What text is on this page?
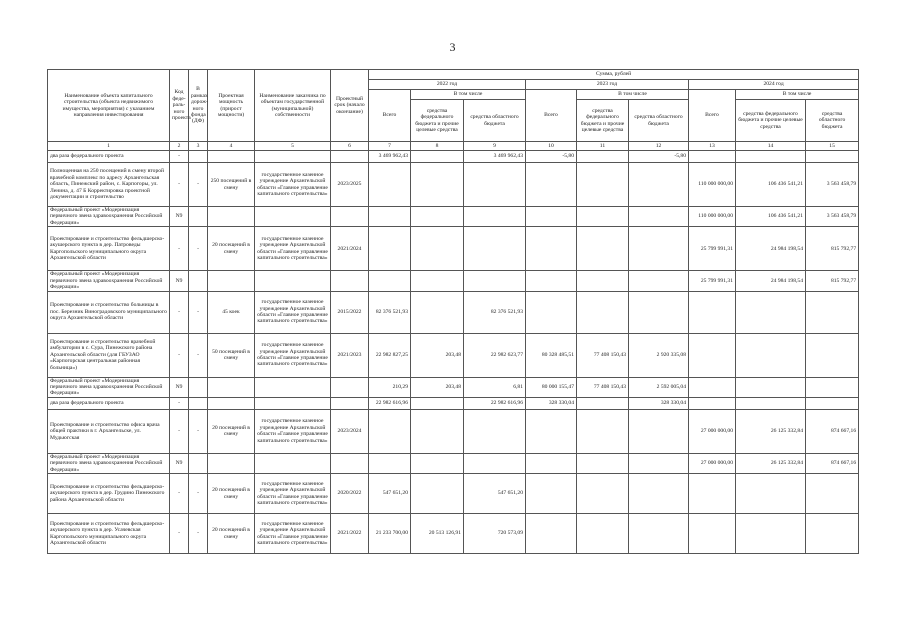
3
Наименование объекта капитального строительства (объекта недвижимого имущества, мероприятия) с указанием направления инвестирования	Код феде-раль-ного проекта	В рамках дорож-ного фонда (ДФ)	Проектная мощность (прирост мощности)	Наименование заказчика по объектам государственной (муниципальной) собственности	Проектный срок (начало окончание)	Сумма, рублей								
						2022 год			2023 год			2024 год		
						Всего	В том числе		Всего	В том числе		Всего	В том числе	
							средства федерального бюджета и прочие целевые средства	средства областного бюджета		средства федерального бюджета и прочие целевые средства	средства областного бюджета		средства федерального бюджета и прочие целевые средства	средства областного бюджета
1	2	3	4	5	6	7	8	9	10	11	12	13	14	15
два раза федерального проекта	-					3 469 962,43		3 469 962,43	-5,80		-5,80			
Полноценная на 250 посещений в смену второй врачебной комплекс по адресу Архангельская область, Пинежский район, с. Карпогоры, ул. Ленина, д. 47 Б Корректировка проектной документации и строительство	-	-	250 посещений в смену	государственное казенное учреждение Архангельской области «Главное управление капитального строительства»	2023/2025							110 000 000,00	106 436 541,21	3 563 458,79
Федеральный проект «Модернизация первичного звена здравоохранения Российской Федерации»	N9											110 000 000,00	106 436 541,21	3 563 458,79
Проектирование и строительство фельдшерско-акушерского пункта в дер. Патроведы Каргопольского муниципального округа Архангельской области	-	-	20 посещений в смену	государственное казенное учреждение Архангельской области «Главное управление капитального строительства»	2021/2024							25 799 991,31	24 984 198,54	815 792,77
Федеральный проект «Модернизация первичного звена здравоохранения Российской Федерации»	N9											25 799 991,31	24 984 198,54	815 792,77
Проектирование и строительство больницы в пос. Березник Виноградовского муниципального округа Архангельской области	-	-	45 коек	государственное казенное учреждение Архангельской области «Главное управление капитального строительства»	2015/2022	82 376 521,93		82 376 521,93						
Проектирование и строительство врачебной амбулатории в с. Сура, Пинежского района Архангельской области (для ГБУЗАО «Карпогорская центральная районная больница»)	-	-	50 посещений в смену	государственное казенное учреждение Архангельской области «Главное управление капитального строительства»	2021/2023	22 982 827,25	203,48	22 982 623,77	80 328 485,51	77 408 150,43	2 920 335,08			
Федеральный проект «Модернизация первичного звена здравоохранения Российской Федерации»	N9					210,29	203,48	6,81	80 000 155,47	77 408 150,43	2 592 005,04			
два раза федерального проекта	-					22 982 616,96		22 982 616,96	328 330,04		328 330,04			
Проектирование и строительство офиса врача общей практики в г. Архангельске, ул. Мудьюгская	-	-	20 посещений в смену	государственное казенное учреждение Архангельской области «Главное управление капитального строительства»	2023/2024							27 000 000,00	26 125 332,84	874 667,16
Федеральный проект «Модернизация первичного звена здравоохранения Российской Федерации»	N9											27 000 000,00	26 125 332,84	874 667,16
Проектирование и строительство фельдшерско-акушерского пункта в дер. Грудино Пинежского района Архангельской области	-	-	20 посещений в смену	государственное казенное учреждение Архангельской области «Главное управление капитального строительства»	2020/2022	547 651,20		547 651,20						
Проектирование и строительство фельдшерско-акушерского пункта в дер. Усачевская Каргопольского муниципального округа Архангельской области	-	-	20 посещений в смену	государственное казенное учреждение Архангельской области «Главное управление капитального строительства»	2021/2022	21 233 700,00	20 513 126,91	720 573,09						
